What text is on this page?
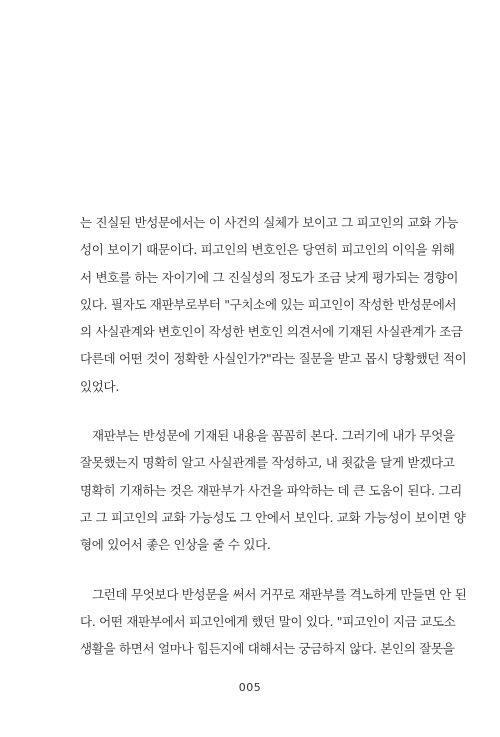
는 진실된 반성문에서는 이 사건의 실체가 보이고 그 피고인의 교화 가능
성이 보이기 때문이다. 피고인의 변호인은 당연히 피고인의 이익을 위해
서 변호를 하는 자이기에 그 진실성의 정도가 조금 낮게 평가되는 경향이
있다. 필자도 재판부로부터 "구치소에 있는 피고인이 작성한 반성문에서
의 사실관계와 변호인이 작성한 변호인 의견서에 기재된 사실관계가 조금
다른데 어떤 것이 정확한 사실인가?"라는 질문을 받고 몹시 당황했던 적이
있었다.
재판부는 반성문에 기재된 내용을 꼼꼼히 본다. 그러기에 내가 무엇을
잘못했는지 명확히 알고 사실관계를 작성하고, 내 죗값을 달게 받겠다고
명확히 기재하는 것은 재판부가 사건을 파악하는 데 큰 도움이 된다. 그리
고 그 피고인의 교화 가능성도 그 안에서 보인다. 교화 가능성이 보이면 양
형에 있어서 좋은 인상을 줄 수 있다.
그런데 무엇보다 반성문을 써서 거꾸로 재판부를 격노하게 만들면 안 된
다. 어떤 재판부에서 피고인에게 했던 말이 있다. "피고인이 지금 교도소
생활을 하면서 얼마나 힘든지에 대해서는 궁금하지 않다. 본인의 잘못을
005
